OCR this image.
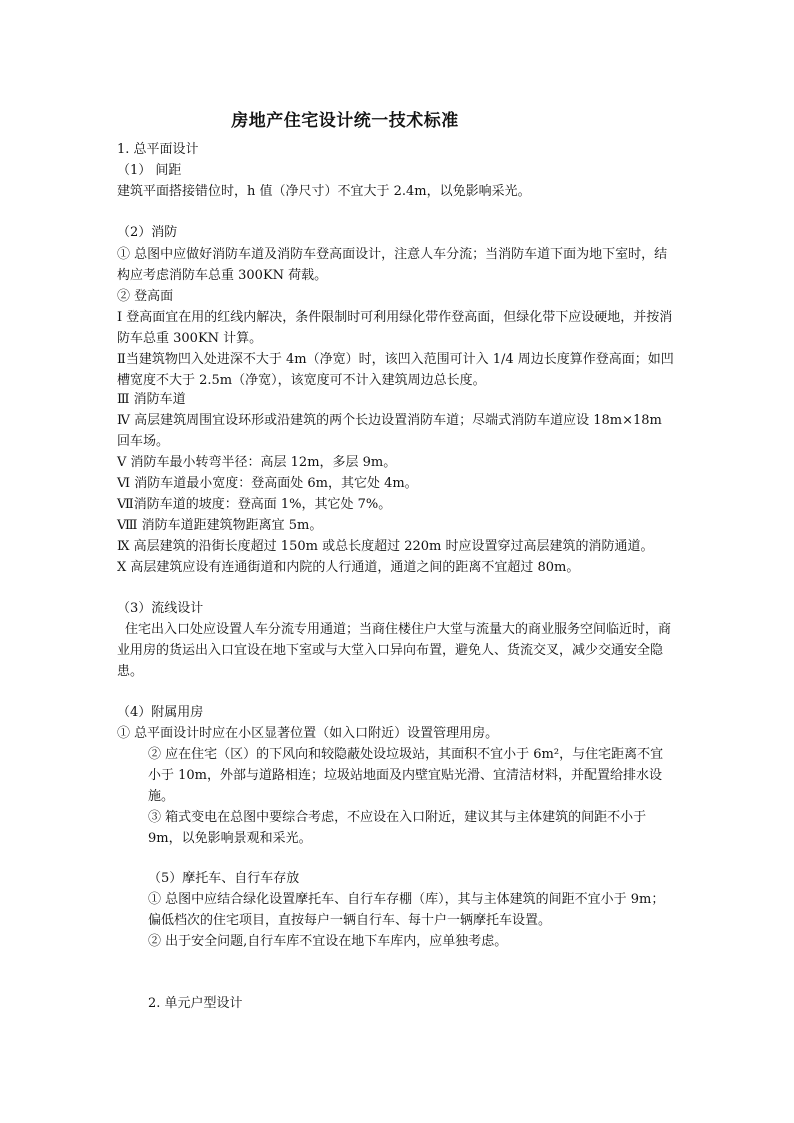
房地产住宅设计统一技术标准
1. 总平面设计
（1） 间距
建筑平面搭接错位时，h 值（净尺寸）不宜大于 2.4m，以免影响采光。
（2）消防
① 总图中应做好消防车道及消防车登高面设计，注意人车分流；当消防车道下面为地下室时，结构应考虑消防车总重 300KN 荷载。
② 登高面
Ⅰ 登高面宜在用的红线内解决，条件限制时可利用绿化带作登高面，但绿化带下应设硬地，并按消防车总重 300KN 计算。
Ⅱ当建筑物凹入处进深不大于 4m（净宽）时，该凹入范围可计入 1/4 周边长度算作登高面；如凹槽宽度不大于 2.5m（净宽），该宽度可不计入建筑周边总长度。
Ⅲ 消防车道
Ⅳ 高层建筑周围宜设环形或沿建筑的两个长边设置消防车道；尽端式消防车道应设 18m×18m 回车场。
Ⅴ 消防车最小转弯半径：高层 12m，多层 9m。
Ⅵ 消防车道最小宽度：登高面处 6m，其它处 4m。
Ⅶ消防车道的坡度：登高面 1%，其它处 7%。
Ⅷ 消防车道距建筑物距离宜 5m。
Ⅸ 高层建筑的沿街长度超过 150m 或总长度超过 220m 时应设置穿过高层建筑的消防通道。
Ⅹ 高层建筑应设有连通街道和内院的人行通道，通道之间的距离不宜超过 80m。
（3）流线设计
住宅出入口处应设置人车分流专用通道；当商住楼住户大堂与流量大的商业服务空间临近时，商业用房的货运出入口宜设在地下室或与大堂入口异向布置，避免人、货流交叉，减少交通安全隐患。
（4）附属用房
① 总平面设计时应在小区显著位置（如入口附近）设置管理用房。
② 应在住宅（区）的下风向和较隐蔽处设垃圾站，其面积不宜小于 6m²，与住宅距离不宜小于 10m，外部与道路相连；垃圾站地面及内壁宜贴光滑、宜清洁材料，并配置给排水设施。
③ 箱式变电在总图中要综合考虑，不应设在入口附近，建议其与主体建筑的间距不小于 9m，以免影响景观和采光。
（5）摩托车、自行车存放
① 总图中应结合绿化设置摩托车、自行车存棚（库），其与主体建筑的间距不宜小于 9m；偏低档次的住宅项目，直按每户一辆自行车、每十户一辆摩托车设置。
② 出于安全问题,自行车库不宜设在地下车库内，应单独考虑。
2. 单元户型设计
